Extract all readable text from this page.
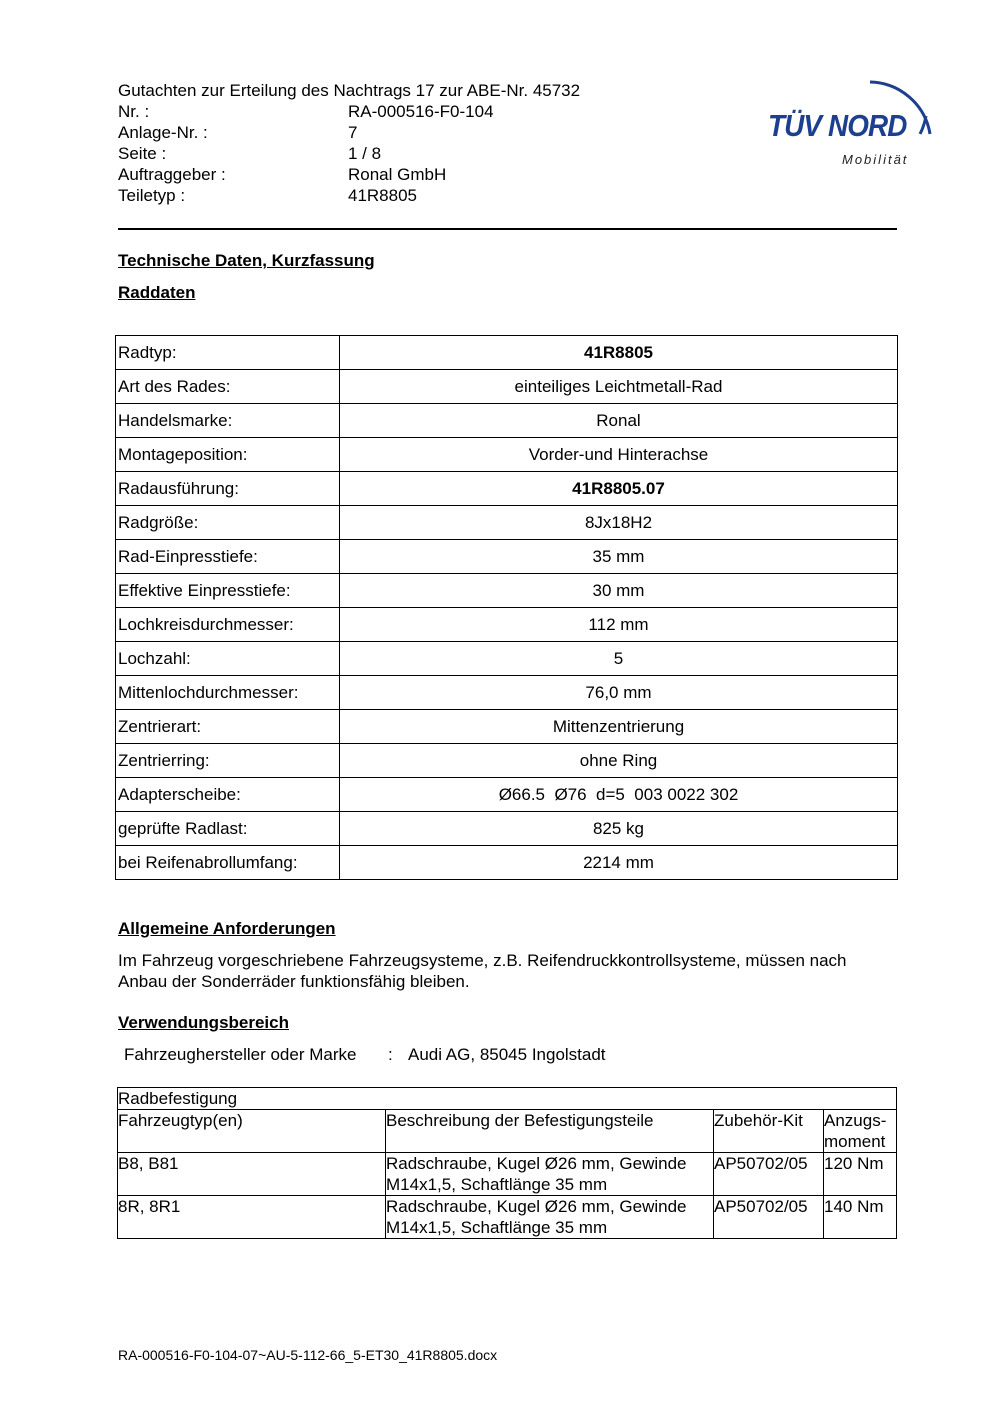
Gutachten zur Erteilung des Nachtrags 17 zur ABE-Nr. 45732
Nr. :	RA-000516-F0-104
Anlage-Nr. :	7
Seite :	1 / 8
Auftraggeber :	Ronal GmbH
Teiletyp :	41R8805
TÜV NORD
Mobilität
Technische Daten, Kurzfassung
Raddaten
Radtyp:	41R8805
Art des Rades:	einteiliges Leichtmetall-Rad
Handelsmarke:	Ronal
Montageposition:	Vorder-und Hinterachse
Radausführung:	41R8805.07
Radgröße:	8Jx18H2
Rad-Einpresstiefe:	35 mm
Effektive Einpresstiefe:	30 mm
Lochkreisdurchmesser:	112 mm
Lochzahl:	5
Mittenlochdurchmesser:	76,0 mm
Zentrierart:	Mittenzentrierung
Zentrierring:	ohne Ring
Adapterscheibe:	Ø66.5  Ø76  d=5  003 0022 302
geprüfte Radlast:	825 kg
bei Reifenabrollumfang:	2214 mm
Allgemeine Anforderungen
Im Fahrzeug vorgeschriebene Fahrzeugsysteme, z.B. Reifendruckkontrollsysteme, müssen nach Anbau der Sonderräder funktionsfähig bleiben.
Verwendungsbereich
Fahrzeughersteller oder Marke	: Audi AG, 85045 Ingolstadt
Radbefestigung			
Fahrzeugtyp(en)	Beschreibung der Befestigungsteile	Zubehör-Kit	Anzugs-
moment
B8, B81	Radschraube, Kugel Ø26 mm, Gewinde M14x1,5, Schaftlänge 35 mm	AP50702/05	120 Nm
8R, 8R1	Radschraube, Kugel Ø26 mm, Gewinde M14x1,5, Schaftlänge 35 mm	AP50702/05	140 Nm
RA-000516-F0-104-07~AU-5-112-66_5-ET30_41R8805.docx
